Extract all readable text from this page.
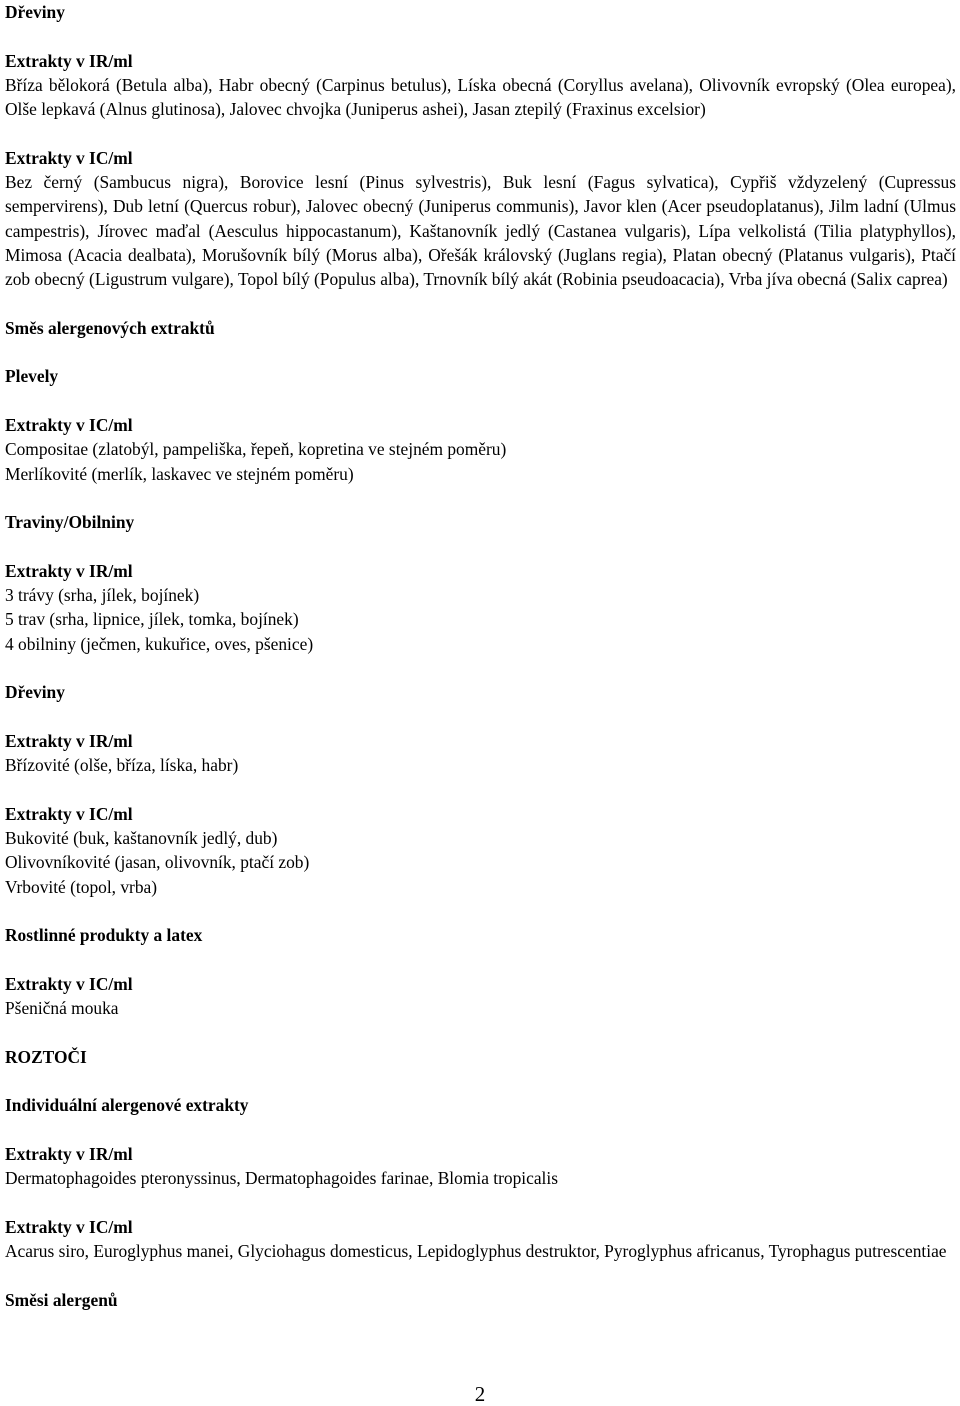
Dřeviny

Extrakty v IR/ml

Bříza bělokorá (Betula alba), Habr obecný (Carpinus betulus), Líska obecná (Coryllus avelana), Olivovník evropský (Olea europea), Olše lepkavá (Alnus glutinosa), Jalovec chvojka (Juniperus ashei), Jasan ztepilý (Fraxinus excelsior)

Extrakty v IC/ml

Bez černý (Sambucus nigra), Borovice lesní (Pinus sylvestris), Buk lesní (Fagus sylvatica), Cypřiš vždyzelený (Cupressus sempervirens), Dub letní (Quercus robur), Jalovec obecný (Juniperus communis), Javor klen (Acer pseudoplatanus), Jilm ladní (Ulmus campestris), Jírovec maďal (Aesculus hippocastanum), Kaštanovník jedlý (Castanea vulgaris), Lípa velkolistá (Tilia platyphyllos), Mimosa (Acacia dealbata), Morušovník bílý (Morus alba), Ořešák královský (Juglans regia), Platan obecný (Platanus vulgaris), Ptačí zob obecný (Ligustrum vulgare), Topol bílý (Populus alba), Trnovník bílý akát (Robinia pseudoacacia), Vrba jíva obecná (Salix caprea)

Směs alergenových extraktů

Plevely

Extrakty v IC/ml

Compositae (zlatobýl, pampeliška, řepeň, kopretina ve stejném poměru)

Merlíkovité (merlík, laskavec ve stejném poměru)

Traviny/Obilniny

Extrakty v IR/ml

3 trávy (srha, jílek, bojínek)

5 trav (srha, lipnice, jílek, tomka, bojínek)

4 obilniny (ječmen, kukuřice, oves, pšenice)

Dřeviny

Extrakty v IR/ml

Břízovité (olše, bříza, líska, habr)

Extrakty v IC/ml

Bukovité (buk, kaštanovník jedlý, dub)

Olivovníkovité (jasan, olivovník, ptačí zob)

Vrbovité (topol, vrba)

Rostlinné produkty a latex

Extrakty v IC/ml

Pšeničná mouka

ROZTOČI

Individuální alergenové extrakty

Extrakty v IR/ml

Dermatophagoides pteronyssinus, Dermatophagoides farinae, Blomia tropicalis

Extrakty v IC/ml

Acarus siro, Euroglyphus manei, Glyciohagus domesticus, Lepidoglyphus destruktor, Pyroglyphus africanus, Tyrophagus putrescentiae

Směsi alergenů

2
